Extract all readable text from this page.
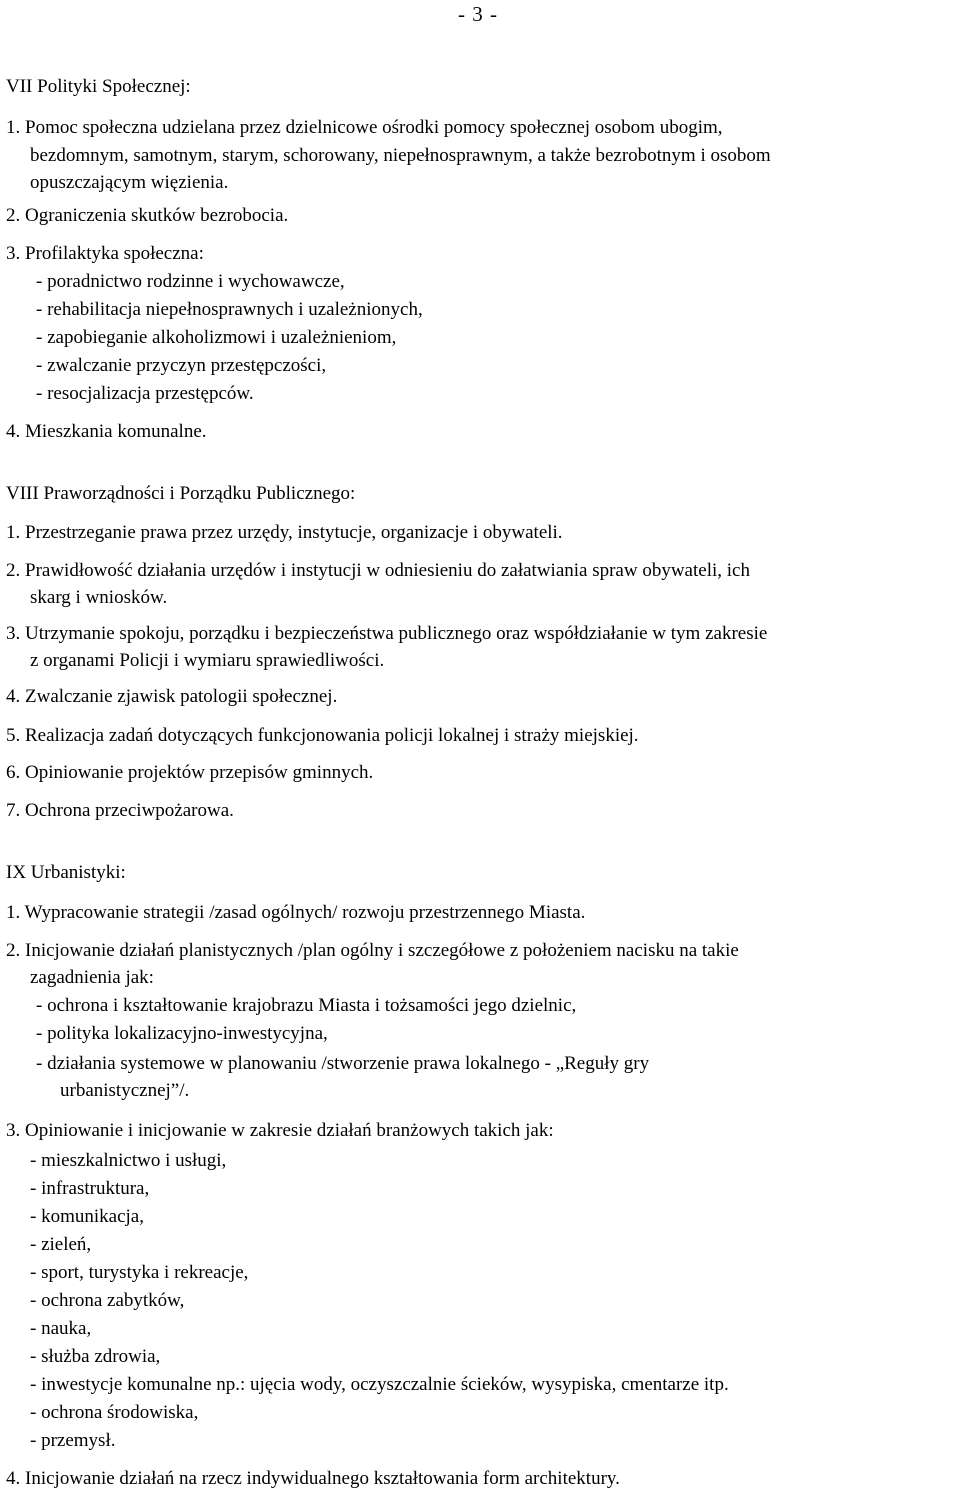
- 3 -
VII Polityki Społecznej:
1. Pomoc społeczna udzielana przez dzielnicowe ośrodki pomocy społecznej osobom ubogim,
bezdomnym, samotnym, starym, schorowany, niepełnosprawnym, a także bezrobotnym i osobom
opuszczającym więzienia.
2. Ograniczenia skutków bezrobocia.
3. Profilaktyka społeczna:
- poradnictwo rodzinne i wychowawcze,
- rehabilitacja niepełnosprawnych i uzależnionych,
- zapobieganie alkoholizmowi i uzależnieniom,
- zwalczanie przyczyn przestępczości,
- resocjalizacja przestępców.
4. Mieszkania komunalne.
VIII Praworządności i Porządku Publicznego:
1. Przestrzeganie prawa przez urzędy, instytucje, organizacje i obywateli.
2. Prawidłowość działania urzędów i instytucji w odniesieniu do załatwiania spraw obywateli, ich
skarg i wniosków.
3. Utrzymanie spokoju, porządku i bezpieczeństwa publicznego oraz współdziałanie w tym zakresie
z organami Policji i wymiaru sprawiedliwości.
4. Zwalczanie zjawisk patologii społecznej.
5. Realizacja zadań dotyczących funkcjonowania policji lokalnej i straży miejskiej.
6. Opiniowanie projektów przepisów gminnych.
7. Ochrona przeciwpożarowa.
IX Urbanistyki:
1. Wypracowanie strategii /zasad ogólnych/ rozwoju przestrzennego Miasta.
2. Inicjowanie działań planistycznych /plan ogólny i szczegółowe z położeniem nacisku na takie
zagadnienia jak:
- ochrona i kształtowanie krajobrazu Miasta i tożsamości jego dzielnic,
- polityka lokalizacyjno-inwestycyjna,
- działania systemowe w planowaniu /stworzenie prawa lokalnego - „Reguły gry
urbanistycznej”/.
3. Opiniowanie i inicjowanie w zakresie działań branżowych takich jak:
- mieszkalnictwo i usługi,
- infrastruktura,
- komunikacja,
- zieleń,
- sport, turystyka i rekreacje,
- ochrona zabytków,
- nauka,
- służba zdrowia,
- inwestycje komunalne np.: ujęcia wody, oczyszczalnie ścieków, wysypiska, cmentarze itp.
- ochrona środowiska,
- przemysł.
4. Inicjowanie działań na rzecz indywidualnego kształtowania form architektury.
